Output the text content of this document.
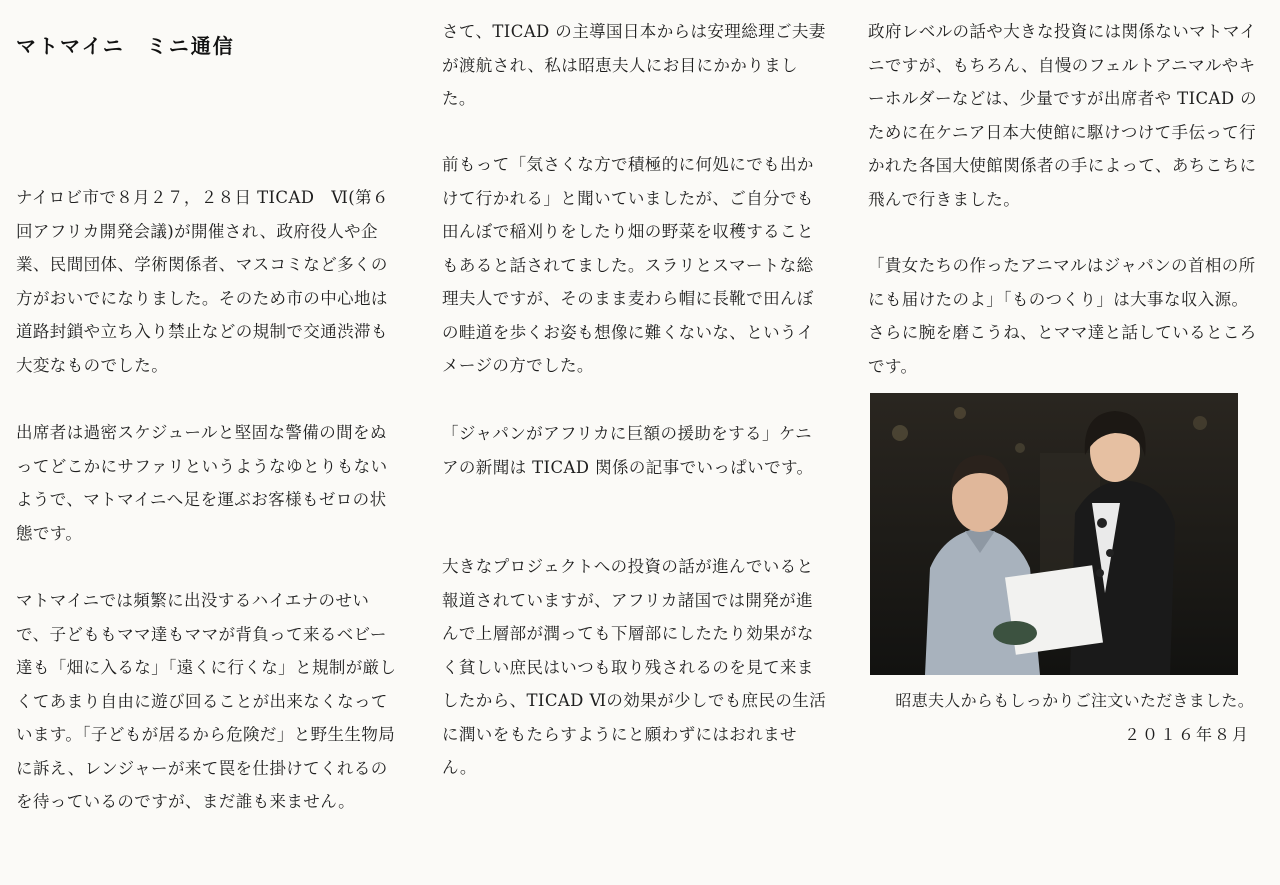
マトマイニ　ミニ通信

ナイロビ市で８月２７，２８日 TICAD　Ⅵ(第６回アフリカ開発会議)が開催され、政府役人や企業、民間団体、学術関係者、マスコミなど多くの方がおいでになりました。そのため市の中心地は道路封鎖や立ち入り禁止などの規制で交通渋滞も大変なものでした。

出席者は過密スケジュールと堅固な警備の間をぬってどこかにサファリというようなゆとりもないようで、マトマイニへ足を運ぶお客様もゼロの状態です。

マトマイニでは頻繁に出没するハイエナのせいで、子どももママ達もママが背負って来るベビー達も「畑に入るな」「遠くに行くな」と規制が厳しくてあまり自由に遊び回ることが出来なくなっています。「子どもが居るから危険だ」と野生生物局に訴え、レンジャーが来て罠を仕掛けてくれるのを待っているのですが、まだ誰も来ません。

さて、TICAD の主導国日本からは安理総理ご夫妻が渡航され、私は昭恵夫人にお目にかかりました。

前もって「気さくな方で積極的に何処にでも出かけて行かれる」と聞いていましたが、ご自分でも田んぼで稲刈りをしたり畑の野菜を収穫することもあると話されてました。スラリとスマートな総理夫人ですが、そのまま麦わら帽に長靴で田んぼの畦道を歩くお姿も想像に難くないな、というイメージの方でした。

「ジャパンがアフリカに巨額の援助をする」ケニアの新聞は TICAD 関係の記事でいっぱいです。

大きなプロジェクトへの投資の話が進んでいると報道されていますが、アフリカ諸国では開発が進んで上層部が潤っても下層部にしたたり効果がなく貧しい庶民はいつも取り残されるのを見て来ましたから、TICAD Ⅵの効果が少しでも庶民の生活に潤いをもたらすようにと願わずにはおれません。

政府レベルの話や大きな投資には関係ないマトマイニですが、もちろん、自慢のフェルトアニマルやキーホルダーなどは、少量ですが出席者や TICAD のために在ケニア日本大使館に駆けつけて手伝って行かれた各国大使館関係者の手によって、あちこちに飛んで行きました。

「貴女たちの作ったアニマルはジャパンの首相の所にも届けたのよ」「ものつくり」は大事な収入源。さらに腕を磨こうね、とママ達と話しているところです。

昭恵夫人からもしっかりご注文いただきました。
２０１６年８月
